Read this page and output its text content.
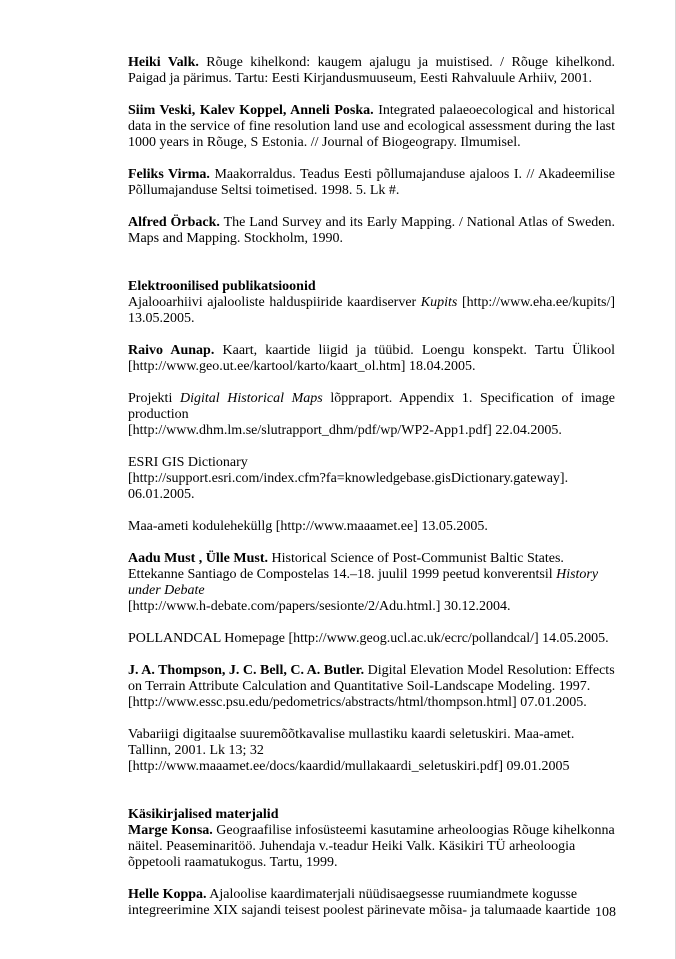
Heiki Valk. Rõuge kihelkond: kaugem ajalugu ja muistised. / Rõuge kihelkond. Paigad ja pärimus. Tartu: Eesti Kirjandusmuuseum, Eesti Rahvaluule Arhiiv, 2001.

Siim Veski, Kalev Koppel, Anneli Poska. Integrated palaeoecological and historical data in the service of fine resolution land use and ecological assessment during the last 1000 years in Rõuge, S Estonia. // Journal of Biogeograpy. Ilmumisel.

Feliks Virma. Maakorraldus. Teadus Eesti põllumajanduse ajaloos I. // Akadeemilise Põllumajanduse Seltsi toimetised. 1998. 5. Lk #.

Alfred Örback. The Land Survey and its Early Mapping. / National Atlas of Sweden. Maps and Mapping. Stockholm, 1990.

Elektroonilised publikatsioonid

Ajalooarhiivi ajalooliste halduspiiride kaardiserver Kupits [http://www.eha.ee/kupits/] 13.05.2005.

Raivo Aunap. Kaart, kaartide liigid ja tüübid. Loengu konspekt. Tartu Ülikool [http://www.geo.ut.ee/kartool/karto/kaart_ol.htm] 18.04.2005.

Projekti Digital Historical Maps lõppraport. Appendix 1. Specification of image production
[http://www.dhm.lm.se/slutrapport_dhm/pdf/wp/WP2-App1.pdf] 22.04.2005.

ESRI GIS Dictionary
[http://support.esri.com/index.cfm?fa=knowledgebase.gisDictionary.gateway].
06.01.2005.

Maa-ameti koduleheküllg [http://www.maaamet.ee] 13.05.2005.

Aadu Must , Ülle Must. Historical Science of Post-Communist Baltic States. Ettekanne Santiago de Compostelas 14.–18. juulil 1999 peetud konverentsil History under Debate
[http://www.h-debate.com/papers/sesionte/2/Adu.html.] 30.12.2004.

POLLANDCAL Homepage [http://www.geog.ucl.ac.uk/ecrc/pollandcal/] 14.05.2005.

J. A. Thompson, J. C. Bell, C. A. Butler. Digital Elevation Model Resolution: Effects on Terrain Attribute Calculation and Quantitative Soil-Landscape Modeling. 1997.
[http://www.essc.psu.edu/pedometrics/abstracts/html/thompson.html] 07.01.2005.

Vabariigi digitaalse suuremõõtkavalise mullastiku kaardi seletuskiri. Maa-amet. Tallinn, 2001. Lk 13; 32
[http://www.maaamet.ee/docs/kaardid/mullakaardi_seletuskiri.pdf] 09.01.2005

Käsikirjalised materjalid

Marge Konsa. Geograafilise infosüsteemi kasutamine arheoloogias Rõuge kihelkonna näitel. Peaseminaritöö. Juhendaja v.-teadur Heiki Valk. Käsikiri TÜ arheoloogia õppetooli raamatukogus. Tartu, 1999.

Helle Koppa. Ajaloolise kaardimaterjali nüüdisaegsesse ruumiandmete kogusse integreerimine XIX sajandi teisest poolest pärinevate mõisa- ja talumaade kaartide 108
